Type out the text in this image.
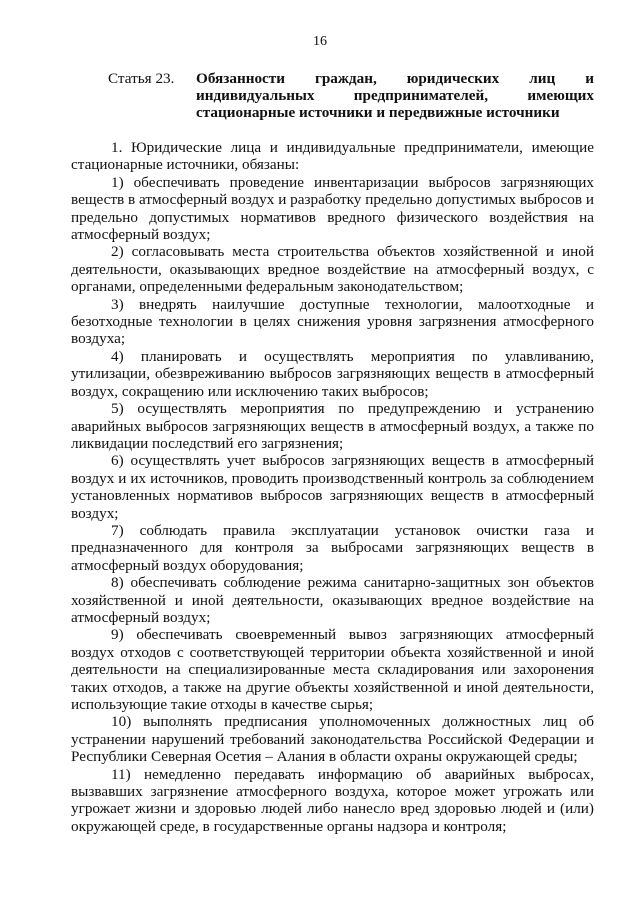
16
Статья 23. Обязанности граждан, юридических лиц и
индивидуальных предпринимателей, имеющих
стационарные источники и передвижные источники

1. Юридические лица и индивидуальные предприниматели, имеющие стационарные источники, обязаны:

1) обеспечивать проведение инвентаризации выбросов загрязняющих веществ в атмосферный воздух и разработку предельно допустимых выбросов и предельно допустимых нормативов вредного физического воздействия на атмосферный воздух;

2) согласовывать места строительства объектов хозяйственной и иной деятельности, оказывающих вредное воздействие на атмосферный воздух, с органами, определенными федеральным законодательством;

3) внедрять наилучшие доступные технологии, малоотходные и безотходные технологии в целях снижения уровня загрязнения атмосферного воздуха;

4) планировать и осуществлять мероприятия по улавливанию, утилизации, обезвреживанию выбросов загрязняющих веществ в атмосферный воздух, сокращению или исключению таких выбросов;

5) осуществлять мероприятия по предупреждению и устранению аварийных выбросов загрязняющих веществ в атмосферный воздух, а также по ликвидации последствий его загрязнения;

6) осуществлять учет выбросов загрязняющих веществ в атмосферный воздух и их источников, проводить производственный контроль за соблюдением установленных нормативов выбросов загрязняющих веществ в атмосферный воздух;

7) соблюдать правила эксплуатации установок очистки газа и предназначенного для контроля за выбросами загрязняющих веществ в атмосферный воздух оборудования;

8) обеспечивать соблюдение режима санитарно-защитных зон объектов хозяйственной и иной деятельности, оказывающих вредное воздействие на атмосферный воздух;

9) обеспечивать своевременный вывоз загрязняющих атмосферный воздух отходов с соответствующей территории объекта хозяйственной и иной деятельности на специализированные места складирования или захоронения таких отходов, а также на другие объекты хозяйственной и иной деятельности, использующие такие отходы в качестве сырья;

10) выполнять предписания уполномоченных должностных лиц об устранении нарушений требований законодательства Российской Федерации и Республики Северная Осетия – Алания в области охраны окружающей среды;

11) немедленно передавать информацию об аварийных выбросах, вызвавших загрязнение атмосферного воздуха, которое может угрожать или угрожает жизни и здоровью людей либо нанесло вред здоровью людей и (или) окружающей среде, в государственные органы надзора и контроля;
